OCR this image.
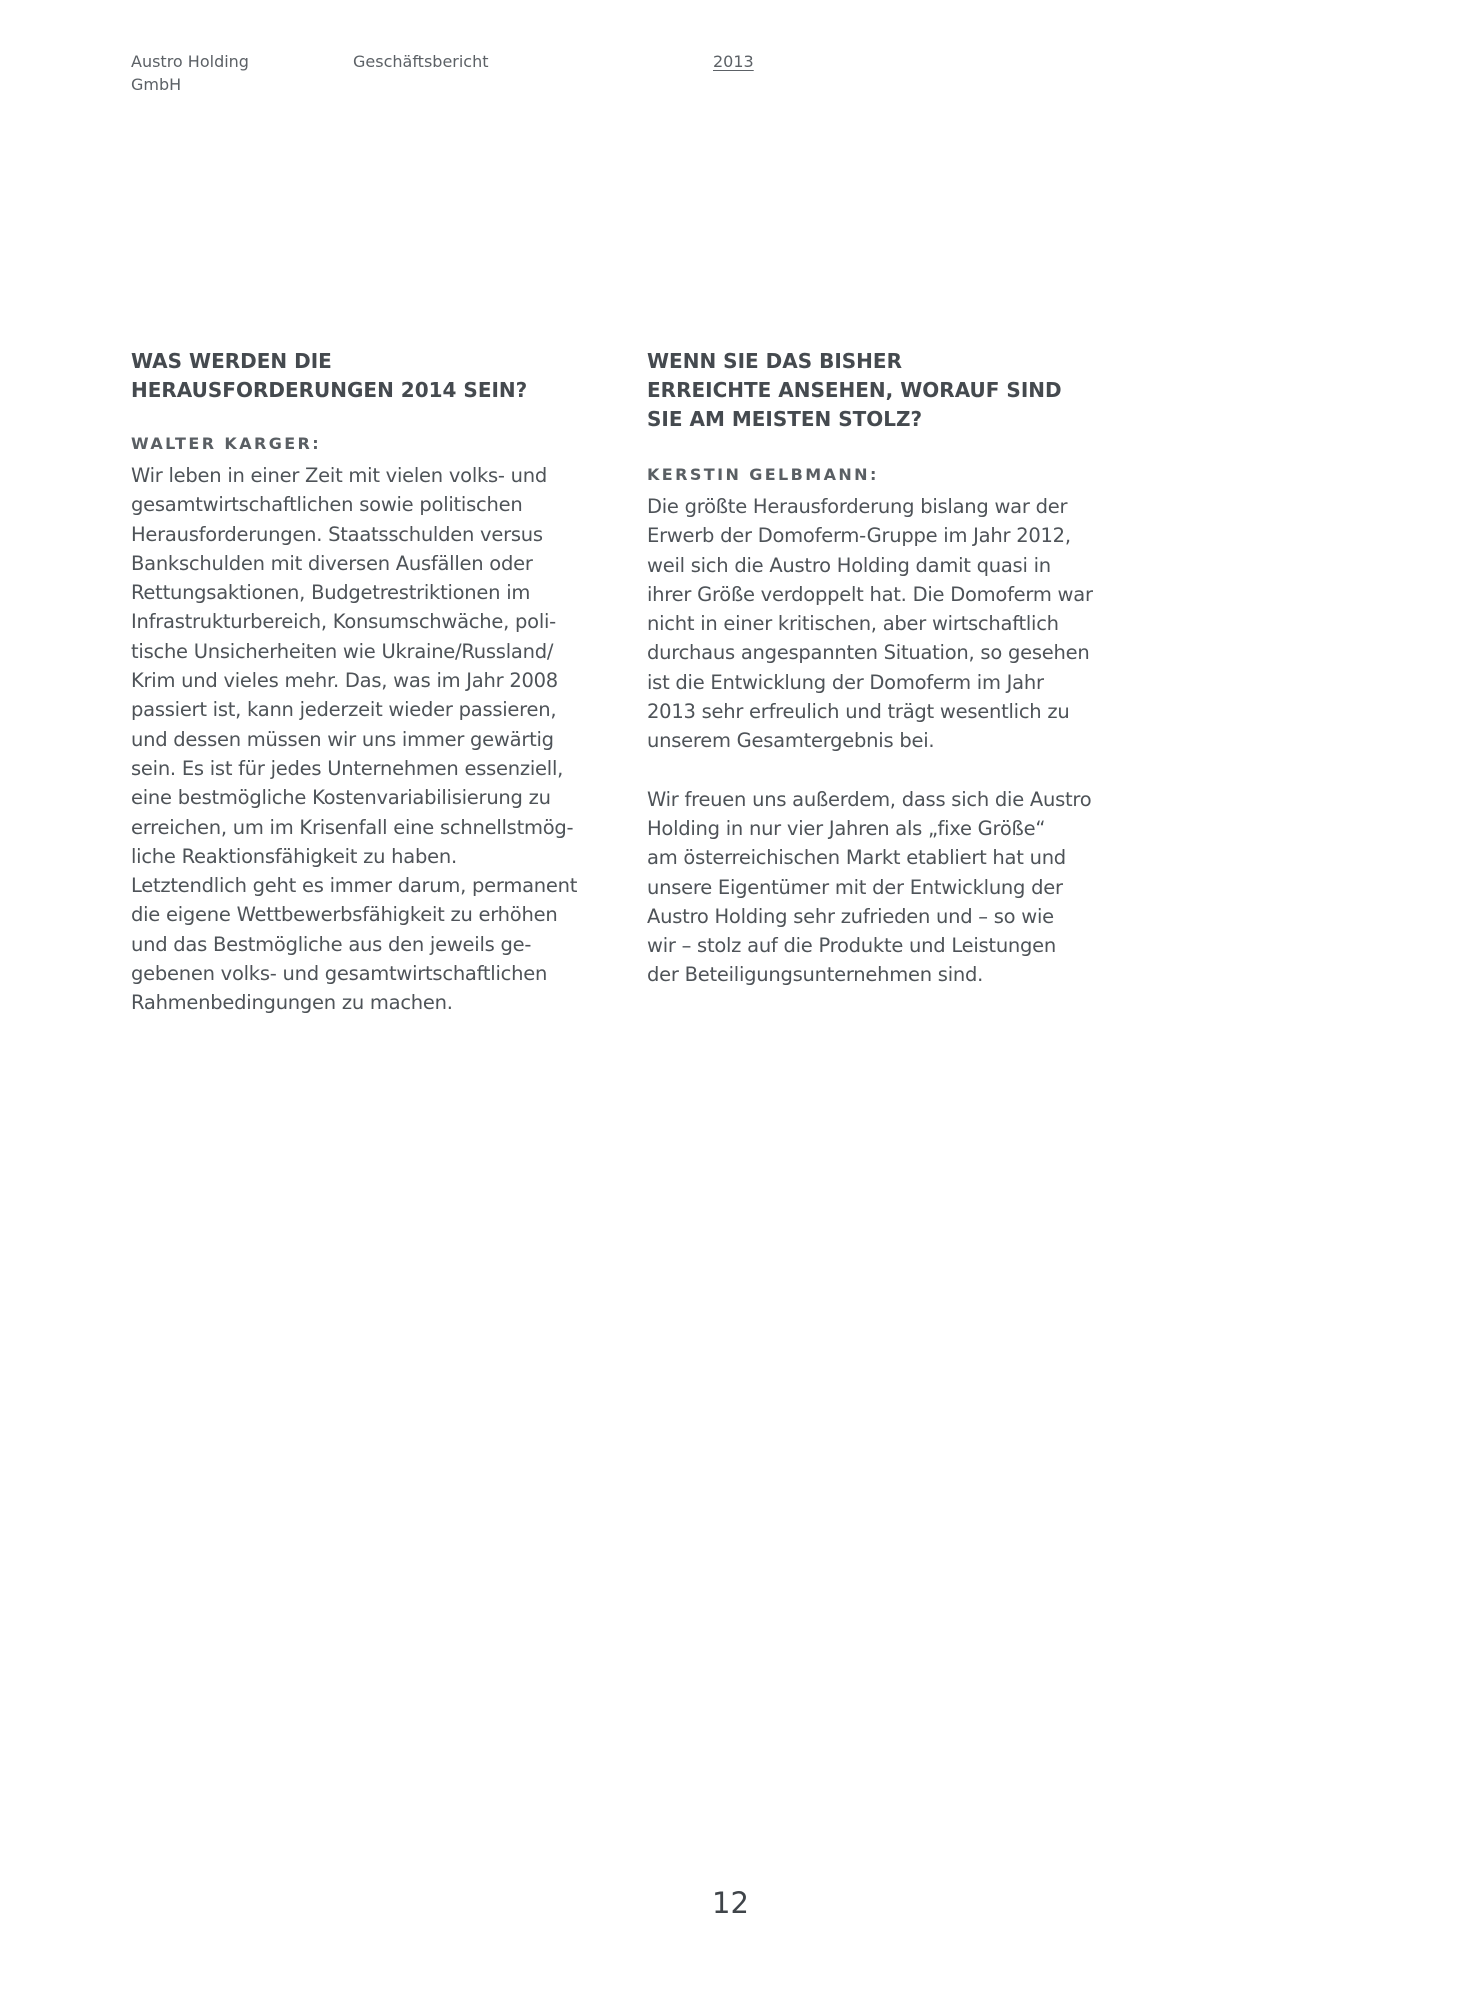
Austro Holding
GmbH
Geschäftsbericht	2013
WAS WERDEN DIE
HERAUSFORDERUNGEN 2014 SEIN?

WALTER KARGER:

Wir leben in einer Zeit mit vielen volks- und
gesamtwirtschaftlichen sowie politischen
Herausforderungen. Staatsschulden versus
Bankschulden mit diversen Ausfällen oder
Rettungsaktionen, Budgetrestriktionen im
Infrastrukturbereich, Konsumschwäche, poli-
tische Unsicherheiten wie Ukraine/Russland/
Krim und vieles mehr. Das, was im Jahr 2008
passiert ist, kann jederzeit wieder passieren,
und dessen müssen wir uns immer gewärtig
sein. Es ist für jedes Unternehmen essenziell,
eine bestmögliche Kostenvariabilisierung zu
erreichen, um im Krisenfall eine schnellstmög-
liche Reaktionsfähigkeit zu haben.
Letztendlich geht es immer darum, permanent
die eigene Wettbewerbsfähigkeit zu erhöhen
und das Bestmögliche aus den jeweils ge-
gebenen volks- und gesamtwirtschaftlichen
Rahmenbedingungen zu machen.

WENN SIE DAS BISHER
ERREICHTE ANSEHEN, WORAUF SIND
SIE AM MEISTEN STOLZ?

KERSTIN GELBMANN:

Die größte Herausforderung bislang war der
Erwerb der Domoferm-Gruppe im Jahr 2012,
weil sich die Austro Holding damit quasi in
ihrer Größe verdoppelt hat. Die Domoferm war
nicht in einer kritischen, aber wirtschaftlich
durchaus angespannten Situation, so gesehen
ist die Entwicklung der Domoferm im Jahr
2013 sehr erfreulich und trägt wesentlich zu
unserem Gesamtergebnis bei.

Wir freuen uns außerdem, dass sich die Austro
Holding in nur vier Jahren als „fixe Größe“
am österreichischen Markt etabliert hat und
unsere Eigentümer mit der Entwicklung der
Austro Holding sehr zufrieden und – so wie
wir – stolz auf die Produkte und Leistungen
der Beteiligungsunternehmen sind.

12
